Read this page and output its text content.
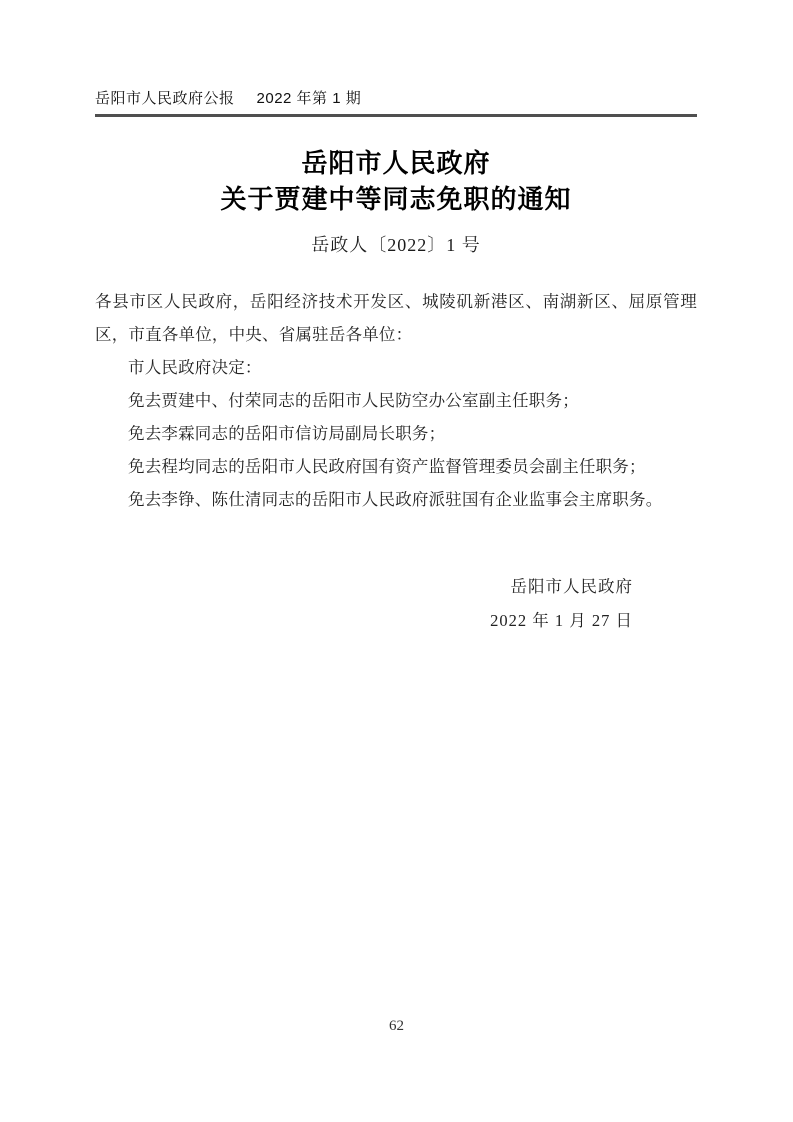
岳阳市人民政府公报 2022 年第 1 期
岳阳市人民政府
关于贾建中等同志免职的通知
岳政人〔2022〕1 号

各县市区人民政府，岳阳经济技术开发区、城陵矶新港区、南湖新区、屈原管理区，市直各单位，中央、省属驻岳各单位：

市人民政府决定：

免去贾建中、付荣同志的岳阳市人民防空办公室副主任职务；

免去李霖同志的岳阳市信访局副局长职务；

免去程均同志的岳阳市人民政府国有资产监督管理委员会副主任职务；

免去李铮、陈仕清同志的岳阳市人民政府派驻国有企业监事会主席职务。

岳阳市人民政府
2022 年 1 月 27 日
62
